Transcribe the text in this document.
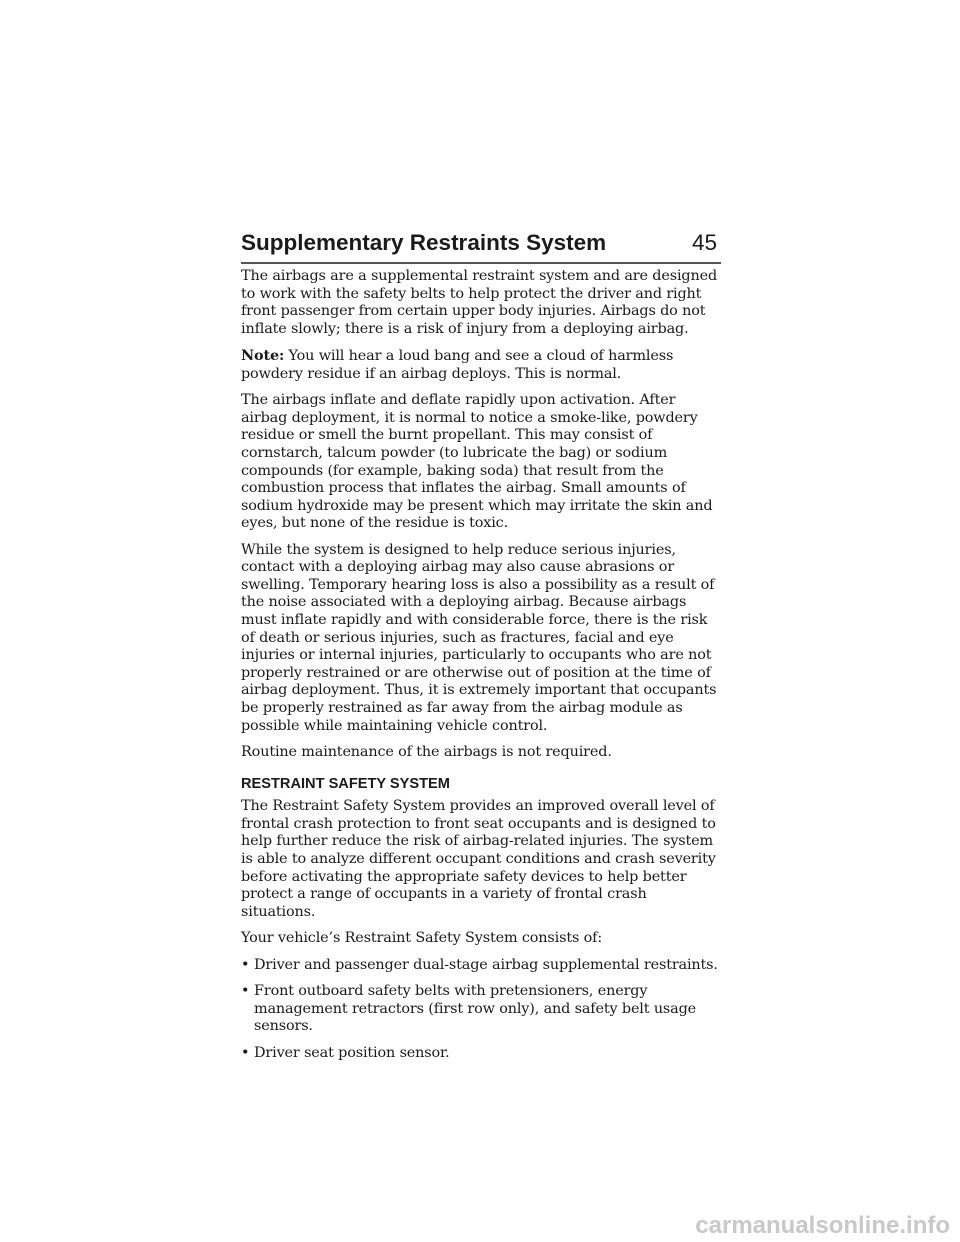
Supplementary Restraints System	45

The airbags are a supplemental restraint system and are designed to work with the safety belts to help protect the driver and right front passenger from certain upper body injuries. Airbags do not inflate slowly; there is a risk of injury from a deploying airbag.

Note: You will hear a loud bang and see a cloud of harmless powdery residue if an airbag deploys. This is normal.

The airbags inflate and deflate rapidly upon activation. After airbag deployment, it is normal to notice a smoke-like, powdery residue or smell the burnt propellant. This may consist of cornstarch, talcum powder (to lubricate the bag) or sodium compounds (for example, baking soda) that result from the combustion process that inflates the airbag. Small amounts of sodium hydroxide may be present which may irritate the skin and eyes, but none of the residue is toxic.

While the system is designed to help reduce serious injuries, contact with a deploying airbag may also cause abrasions or swelling. Temporary hearing loss is also a possibility as a result of the noise associated with a deploying airbag. Because airbags must inflate rapidly and with considerable force, there is the risk of death or serious injuries, such as fractures, facial and eye injuries or internal injuries, particularly to occupants who are not properly restrained or are otherwise out of position at the time of airbag deployment. Thus, it is extremely important that occupants be properly restrained as far away from the airbag module as possible while maintaining vehicle control.

Routine maintenance of the airbags is not required.

RESTRAINT SAFETY SYSTEM

The Restraint Safety System provides an improved overall level of frontal crash protection to front seat occupants and is designed to help further reduce the risk of airbag-related injuries. The system is able to analyze different occupant conditions and crash severity before activating the appropriate safety devices to help better protect a range of occupants in a variety of frontal crash situations.

Your vehicle’s Restraint Safety System consists of:

• Driver and passenger dual-stage airbag supplemental restraints.
• Front outboard safety belts with pretensioners, energy management retractors (first row only), and safety belt usage sensors.
• Driver seat position sensor.
carmanualsonline.info
